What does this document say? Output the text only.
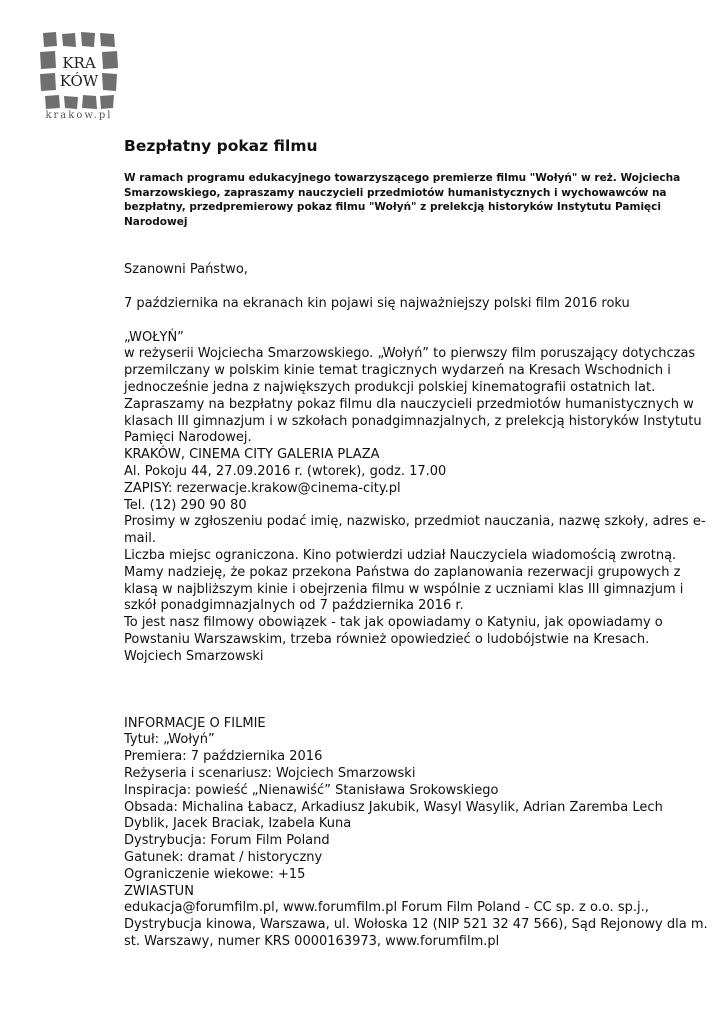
KRA
KÓW
krakow.pl
Bezpłatny pokaz filmu

W ramach programu edukacyjnego towarzyszącego premierze filmu "Wołyń" w reż. Wojciecha Smarzowskiego, zapraszamy nauczycieli przedmiotów humanistycznych i wychowawców na bezpłatny, przedpremierowy pokaz filmu "Wołyń" z prelekcją historyków Instytutu Pamięci Narodowej

Szanowni Państwo,

7 października na ekranach kin pojawi się najważniejszy polski film 2016 roku

„WOŁYŃ”

w reżyserii Wojciecha Smarzowskiego. „Wołyń” to pierwszy film poruszający dotychczas przemilczany w polskim kinie temat tragicznych wydarzeń na Kresach Wschodnich i jednocześnie jedna z największych produkcji polskiej kinematografii ostatnich lat.

Zapraszamy na bezpłatny pokaz filmu dla nauczycieli przedmiotów humanistycznych w klasach III gimnazjum i w szkołach ponadgimnazjalnych, z prelekcją historyków Instytutu Pamięci Narodowej.

KRAKÓW, CINEMA CITY GALERIA PLAZA

Al. Pokoju 44, 27.09.2016 r. (wtorek), godz. 17.00

ZAPISY: rezerwacje.krakow@cinema-city.pl

Tel. (12) 290 90 80

Prosimy w zgłoszeniu podać imię, nazwisko, przedmiot nauczania, nazwę szkoły, adres e-mail.

Liczba miejsc ograniczona. Kino potwierdzi udział Nauczyciela wiadomością zwrotną.

Mamy nadzieję, że pokaz przekona Państwa do zaplanowania rezerwacji grupowych z klasą w najbliższym kinie i obejrzenia filmu w wspólnie z uczniami klas III gimnazjum i szkół ponadgimnazjalnych od 7 października 2016 r.

To jest nasz filmowy obowiązek - tak jak opowiadamy o Katyniu, jak opowiadamy o Powstaniu Warszawskim, trzeba również opowiedzieć o ludobójstwie na Kresach.

Wojciech Smarzowski

INFORMACJE O FILMIE

Tytuł: „Wołyń”

Premiera: 7 października 2016

Reżyseria i scenariusz: Wojciech Smarzowski

Inspiracja: powieść „Nienawiść” Stanisława Srokowskiego

Obsada: Michalina Łabacz, Arkadiusz Jakubik, Wasyl Wasylik, Adrian Zaremba Lech Dyblik, Jacek Braciak, Izabela Kuna

Dystrybucja: Forum Film Poland

Gatunek: dramat / historyczny

Ograniczenie wiekowe: +15

ZWIASTUN

edukacja@forumfilm.pl, www.forumfilm.pl Forum Film Poland - CC sp. z o.o. sp.j., Dystrybucja kinowa, Warszawa, ul. Wołoska 12 (NIP 521 32 47 566), Sąd Rejonowy dla m. st. Warszawy, numer KRS 0000163973, www.forumfilm.pl
